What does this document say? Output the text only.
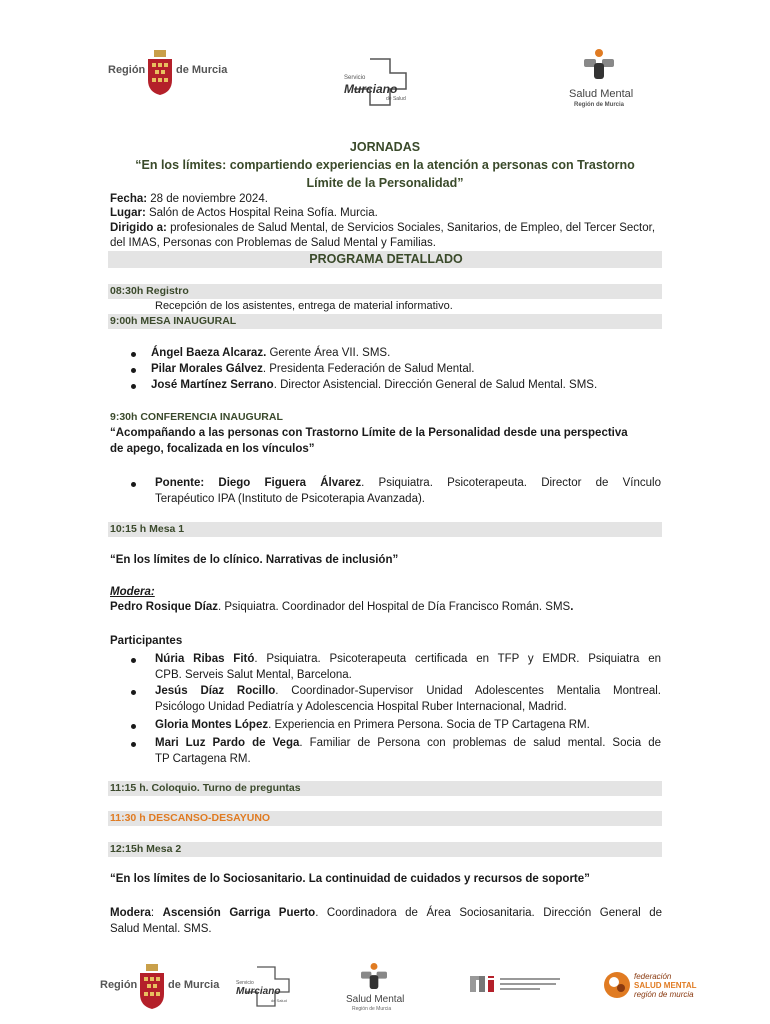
Región	de Murcia
Servicio
Murciano
de Salud	Salud Mental
Región de Murcia
JORNADAS
“En los límites: compartiendo experiencias en la atención a personas con Trastorno
Límite de la Personalidad”
Fecha: 28 de noviembre 2024.
Lugar: Salón de Actos Hospital Reina Sofía. Murcia.
Dirigido a: profesionales de Salud Mental, de Servicios Sociales, Sanitarios, de Empleo, del Tercer Sector,
del IMAS, Personas con Problemas de Salud Mental y Familias.
PROGRAMA DETALLADO
08:30h Registro
Recepción de los asistentes, entrega de material informativo.
9:00h MESA INAUGURAL
Ángel Baeza Alcaraz. Gerente Área VII. SMS.
Pilar Morales Gálvez. Presidenta Federación de Salud Mental.
José Martínez Serrano. Director Asistencial. Dirección General de Salud Mental. SMS.
9:30h CONFERENCIA INAUGURAL
“Acompañando a las personas con Trastorno Límite de la Personalidad desde una perspectiva
de apego, focalizada en los vínculos”
Ponente: Diego Figuera Álvarez. Psiquiatra. Psicoterapeuta. Director de Vínculo
Terapéutico IPA (Instituto de Psicoterapia Avanzada).
10:15 h Mesa 1
“En los límites de lo clínico. Narrativas de inclusión”
Modera:
Pedro Rosique Díaz. Psiquiatra. Coordinador del Hospital de Día Francisco Román. SMS.
Participantes
Núria Ribas Fitó. Psiquiatra. Psicoterapeuta certificada en TFP y EMDR. Psiquiatra en
CPB. Serveis Salut Mental, Barcelona.
Jesús Díaz Rocillo. Coordinador-Supervisor Unidad Adolescentes Mentalia Montreal.
Psicólogo Unidad Pediatría y Adolescencia Hospital Ruber Internacional, Madrid.
Gloria Montes López. Experiencia en Primera Persona. Socia de TP Cartagena RM.
Mari Luz Pardo de Vega. Familiar de Persona con problemas de salud mental. Socia de
TP Cartagena RM.
11:15 h. Coloquio. Turno de preguntas
11:30 h DESCANSO-DESAYUNO
12:15h Mesa 2
“En los límites de lo Sociosanitario. La continuidad de cuidados y recursos de soporte”
Modera: Ascensión Garriga Puerto. Coordinadora de Área Sociosanitaria. Dirección General de
Salud Mental. SMS.
Región	de Murcia	Servicio
Murciano
de Salud	Salud Mental
Región de Murcia
federación
SALUD MENTAL
región de murcia
